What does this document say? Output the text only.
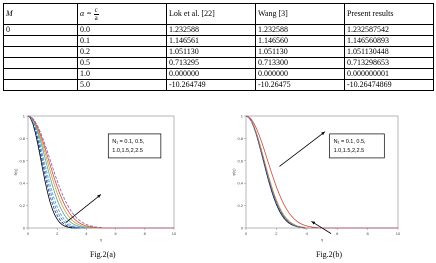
M	$\alpha = \frac{c}{a}$	Lok et al. [22]	Wang [3]	Present results
0	0.0	1.232588	1.232588	1.232587542
	0.1	1.146561	1.146560	1.146560893
	0.2	1.051130	1.051130	1.051130448
	0.5	0.713295	0.713300	0.713298653
	1.0	0.000000	0.000000	0.000000001
	5.0	-10.264749	-10.26475	-10.26474869
0	2	4	6	8	10
0
0.2
0.4
0.6
0.8
1
η
θ(η)
N₁ = 0.1, 0.5,
1.0,1.5,2,2.5
0	2	4	6	8	10
0
0.2
0.4
0.6
0.8
1
η
φ(η)
N₁ = 0.1, 0.5,
1.0,1.5,2,2.5
Fig.2(a)	Fig.2(b)
